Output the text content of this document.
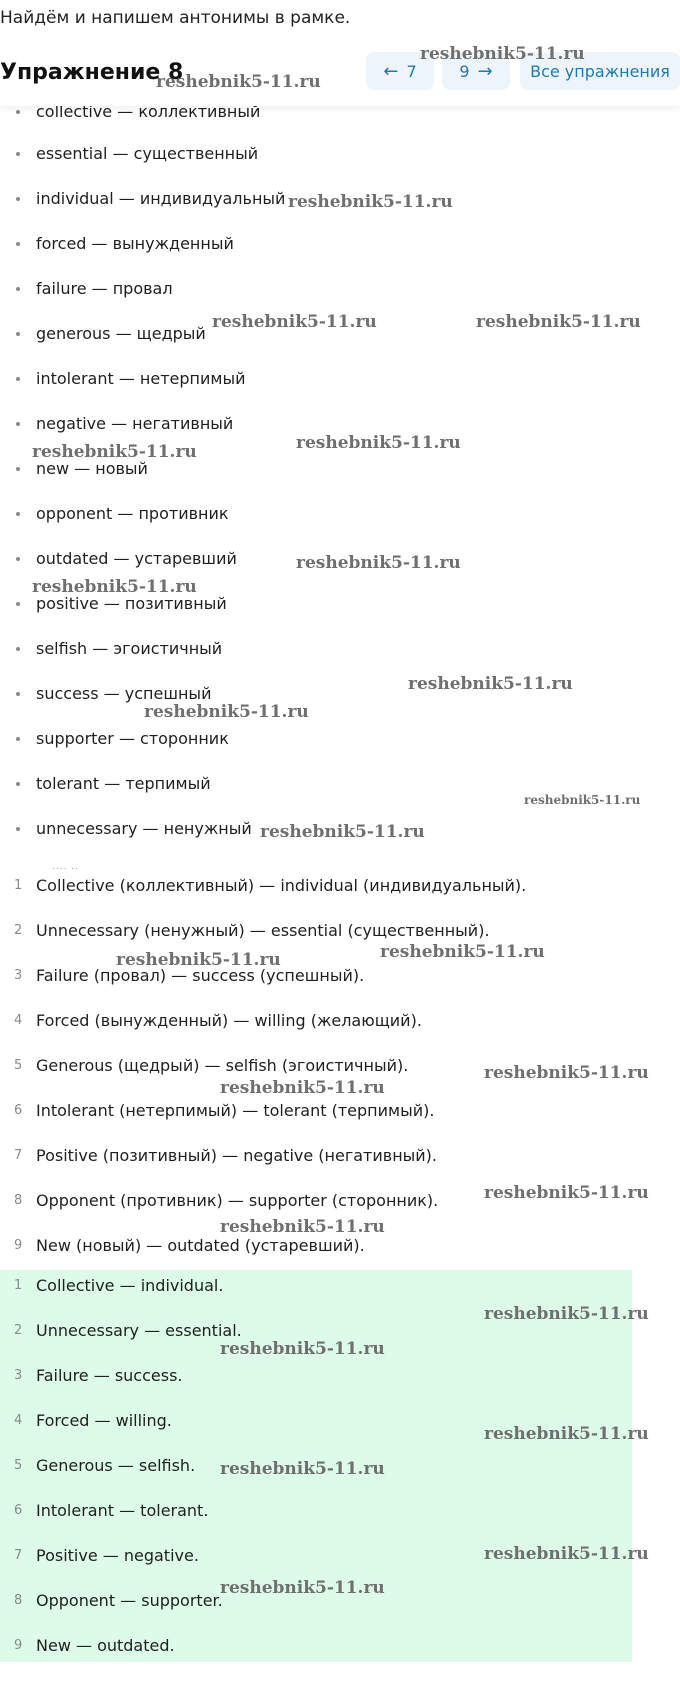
Найдём и напишем антонимы в рамке.
collective — коллективный
Упражнение 8	← 7	9 →	Все упражнения
essential — существенный
individual — индивидуальный
forced — вынужденный
failure — провал
generous — щедрый
intolerant — нетерпимый
negative — негативный
new — новый
opponent — противник
outdated — устаревший
positive — позитивный
selfish — эгоистичный
success — успешный
supporter — сторонник
tolerant — терпимый
unnecessary — ненужный
.... ..
1 Collective (коллективный) — individual (индивидуальный).
2 Unnecessary (ненужный) — essential (существенный).
3 Failure (провал) — success (успешный).
4 Forced (вынужденный) — willing (желающий).
5 Generous (щедрый) — selfish (эгоистичный).
6 Intolerant (нетерпимый) — tolerant (терпимый).
7 Positive (позитивный) — negative (негативный).
8 Opponent (противник) — supporter (сторонник).
9 New (новый) — outdated (устаревший).
1 Collective — individual.
2 Unnecessary — essential.
3 Failure — success.
4 Forced — willing.
5 Generous — selfish.
6 Intolerant — tolerant.
7 Positive — negative.
8 Opponent — supporter.
9 New — outdated.
reshebnik5-11.ru
reshebnik5-11.ru
reshebnik5-11.ru
reshebnik5-11.ru	reshebnik5-11.ru
reshebnik5-11.ru	reshebnik5-11.ru
reshebnik5-11.ru
reshebnik5-11.ru
reshebnik5-11.ru
reshebnik5-11.ru
reshebnik5-11.ru
reshebnik5-11.ru
reshebnik5-11.ru
reshebnik5-11.ru
reshebnik5-11.ru
reshebnik5-11.ru
reshebnik5-11.ru
reshebnik5-11.ru
reshebnik5-11.ru
reshebnik5-11.ru
reshebnik5-11.ru
reshebnik5-11.ru
reshebnik5-11.ru
reshebnik5-11.ru
